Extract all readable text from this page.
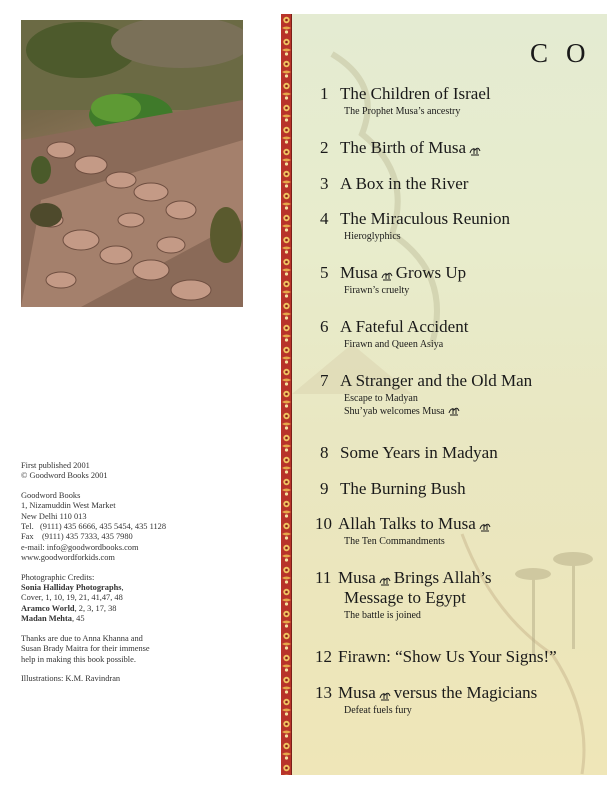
First published 2001
© Goodword Books 2001
Goodword Books
1, Nizamuddin West Market
New Delhi 110 013
Tel.   (9111) 435 6666, 435 5454, 435 1128
Fax    (9111) 435 7333, 435 7980
e-mail: info@goodwordbooks.com
www.goodwordforkids.com
Photographic Credits:
Sonia Halliday Photographs,
Cover, 1, 10, 19, 21, 41,47, 48
Aramco World, 2, 3, 17, 38
Madan Mehta, 45
Thanks are due to Anna Khanna and
Susan Brady Maitra for their immense
help in making this book possible.
Illustrations: K.M. Ravindran
CO
1 The Children of Israel
The Prophet Musa’s ancestry
2 The Birth of Musa
3 A Box in the River
4 The Miraculous Reunion
Hieroglyphics
5 Musa Grows Up
Firawn’s cruelty
6 A Fateful Accident
Firawn and Queen Asiya
7 A Stranger and the Old Man
Escape to Madyan
Shu’yab welcomes Musa
8 Some Years in Madyan
9 The Burning Bush
10 Allah Talks to Musa
The Ten Commandments
11 Musa Brings Allah’s
Message to Egypt
The battle is joined
12 Firawn: “Show Us Your Signs!”
13 Musa versus the Magicians
Defeat fuels fury
